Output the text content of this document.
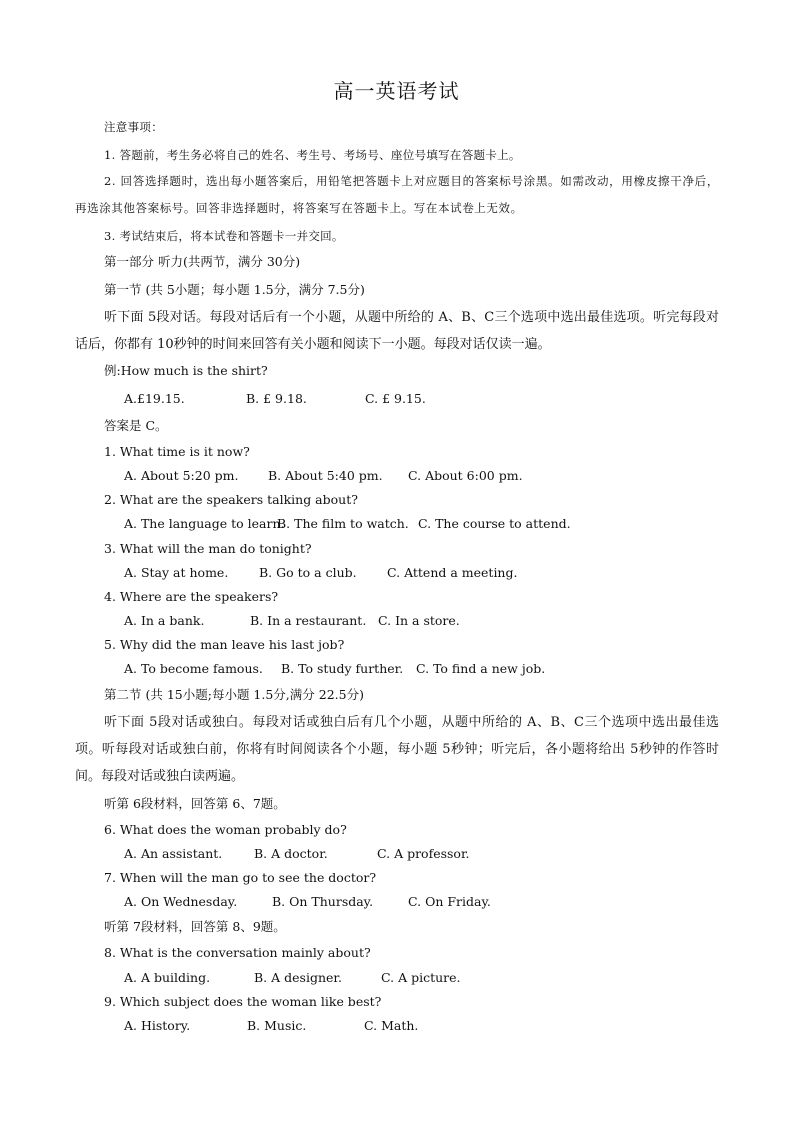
高一英语考试
注意事项：
1. 答题前，考生务必将自己的姓名、考生号、考场号、座位号填写在答题卡上。
2. 回答选择题时，选出每小题答案后，用铅笔把答题卡上对应题目的答案标号涂黑。如需改动，用橡皮擦干净后，再选涂其他答案标号。回答非选择题时，将答案写在答题卡上。写在本试卷上无效。
3. 考试结束后，将本试卷和答题卡一并交回。
第一部分 听力(共两节，满分 30分)
第一节 (共 5小题；每小题 1.5分，满分 7.5分)
听下面 5段对话。每段对话后有一个小题，从题中所给的 A、B、C三个选项中选出最佳选项。听完每段对话后，你都有 10秒钟的时间来回答有关小题和阅读下一小题。每段对话仅读一遍。
例:How much is the shirt?
A.£19.15.	B. £ 9.18.	C. £ 9.15.
答案是 C。
1. What time is it now?
A. About 5:20 pm. B. About 5:40 pm. C. About 6:00 pm.
2. What are the speakers talking about?
A. The language to learn.B. The film to watch. C. The course to attend.
3. What will the man do tonight?
A. Stay at home. B. Go to a club. C. Attend a meeting.
4. Where are the speakers?
A. In a bank.	B. In a restaurant. C. In a store.
5. Why did the man leave his last job?
A. To become famous. B. To study further. C. To find a new job.
第二节 (共 15小题;每小题 1.5分,满分 22.5分)
听下面 5段对话或独白。每段对话或独白后有几个小题，从题中所给的 A、B、C三个选项中选出最佳选项。听每段对话或独白前，你将有时间阅读各个小题，每小题 5秒钟；听完后，各小题将给出 5秒钟的作答时间。每段对话或独白读两遍。
听第 6段材料，回答第 6、7题。
6. What does the woman probably do?
A. An assistant.	B. A doctor.	C. A professor.
7. When will the man go to see the doctor?
A. On Wednesday.	B. On Thursday.	C. On Friday.
听第 7段材料，回答第 8、9题。
8. What is the conversation mainly about?
A. A building.	B. A designer.	C. A picture.
9. Which subject does the woman like best?
A. History.	B. Music.	C. Math.
